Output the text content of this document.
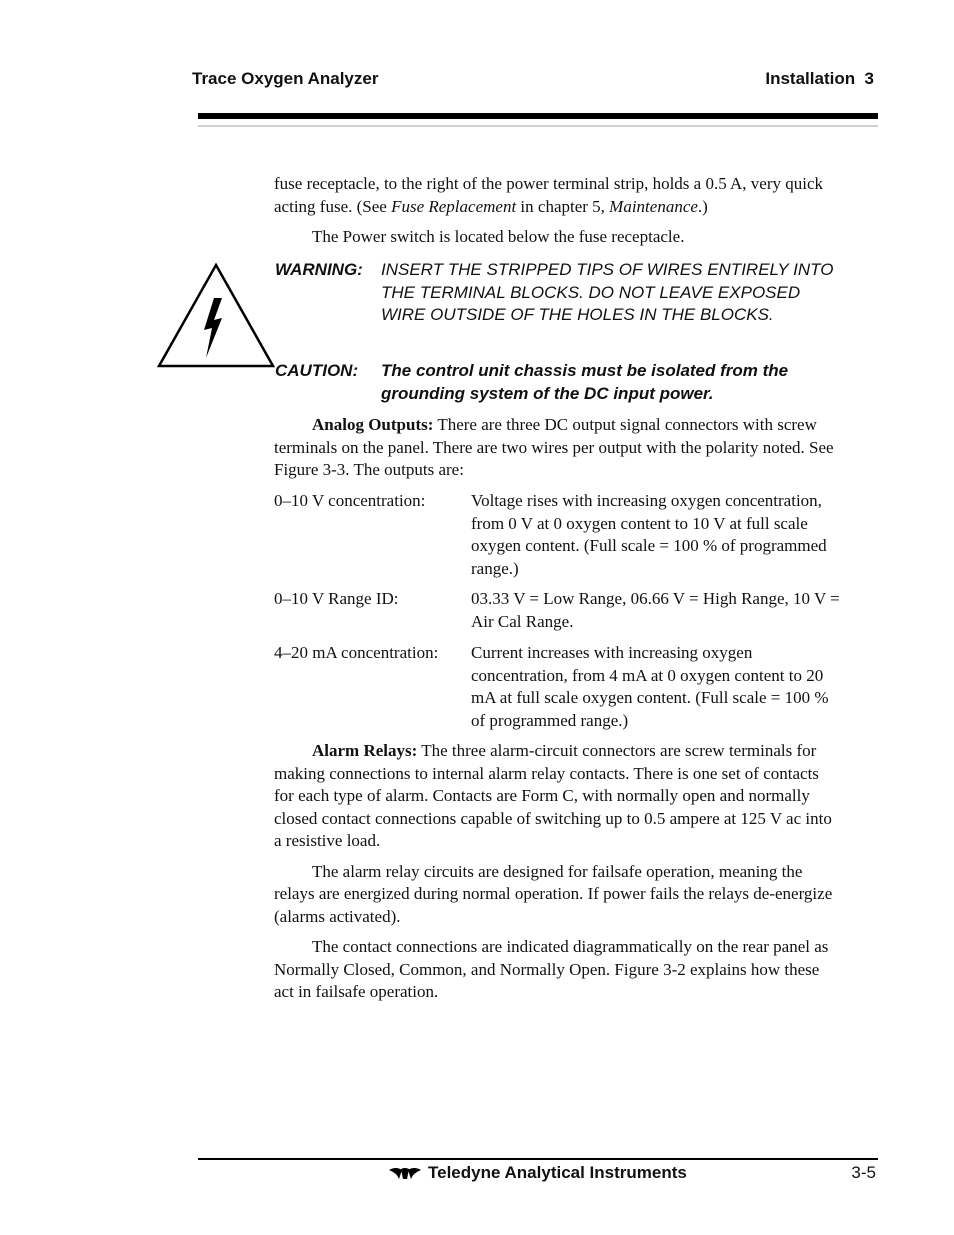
Trace Oxygen Analyzer	Installation  3

fuse receptacle, to the right of the power terminal strip, holds a 0.5 A, very quick acting fuse. (See Fuse Replacement in chapter 5, Maintenance.)

The Power switch is located below the fuse receptacle.

WARNING:	INSERT THE STRIPPED TIPS OF WIRES ENTIRELY INTO THE TERMINAL BLOCKS. DO NOT LEAVE EXPOSED WIRE OUTSIDE OF THE HOLES IN THE BLOCKS.
CAUTION:	The control unit chassis must be isolated from the grounding system of the DC input power.

Analog Outputs: There are three DC output signal connectors with screw terminals on the panel. There are two wires per output with the polarity noted. See Figure 3-3. The outputs are:

0–10 V concentration:	Voltage rises with increasing oxygen concentration, from 0 V at 0 oxygen content to 10 V at full scale oxygen content. (Full scale = 100 % of programmed range.)
0–10 V Range ID:	03.33 V = Low Range, 06.66 V = High Range, 10 V = Air Cal Range.
4–20 mA concentration:	Current increases with increasing oxygen concentration, from 4 mA at 0 oxygen content to 20 mA at full scale oxygen content. (Full scale = 100 % of programmed range.)

Alarm Relays: The three alarm-circuit connectors are screw terminals for making connections to internal alarm relay contacts. There is one set of contacts for each type of alarm. Contacts are Form C, with normally open and normally closed contact connections capable of switching up to 0.5 ampere at 125 V ac into a resistive load.

The alarm relay circuits are designed for failsafe operation, meaning the relays are energized during normal operation. If power fails the relays de-energize (alarms activated).

The contact connections are indicated diagrammatically on the rear panel as Normally Closed, Common, and Normally Open. Figure 3-2 explains how these act in failsafe operation.

Teledyne Analytical Instruments	3-5
